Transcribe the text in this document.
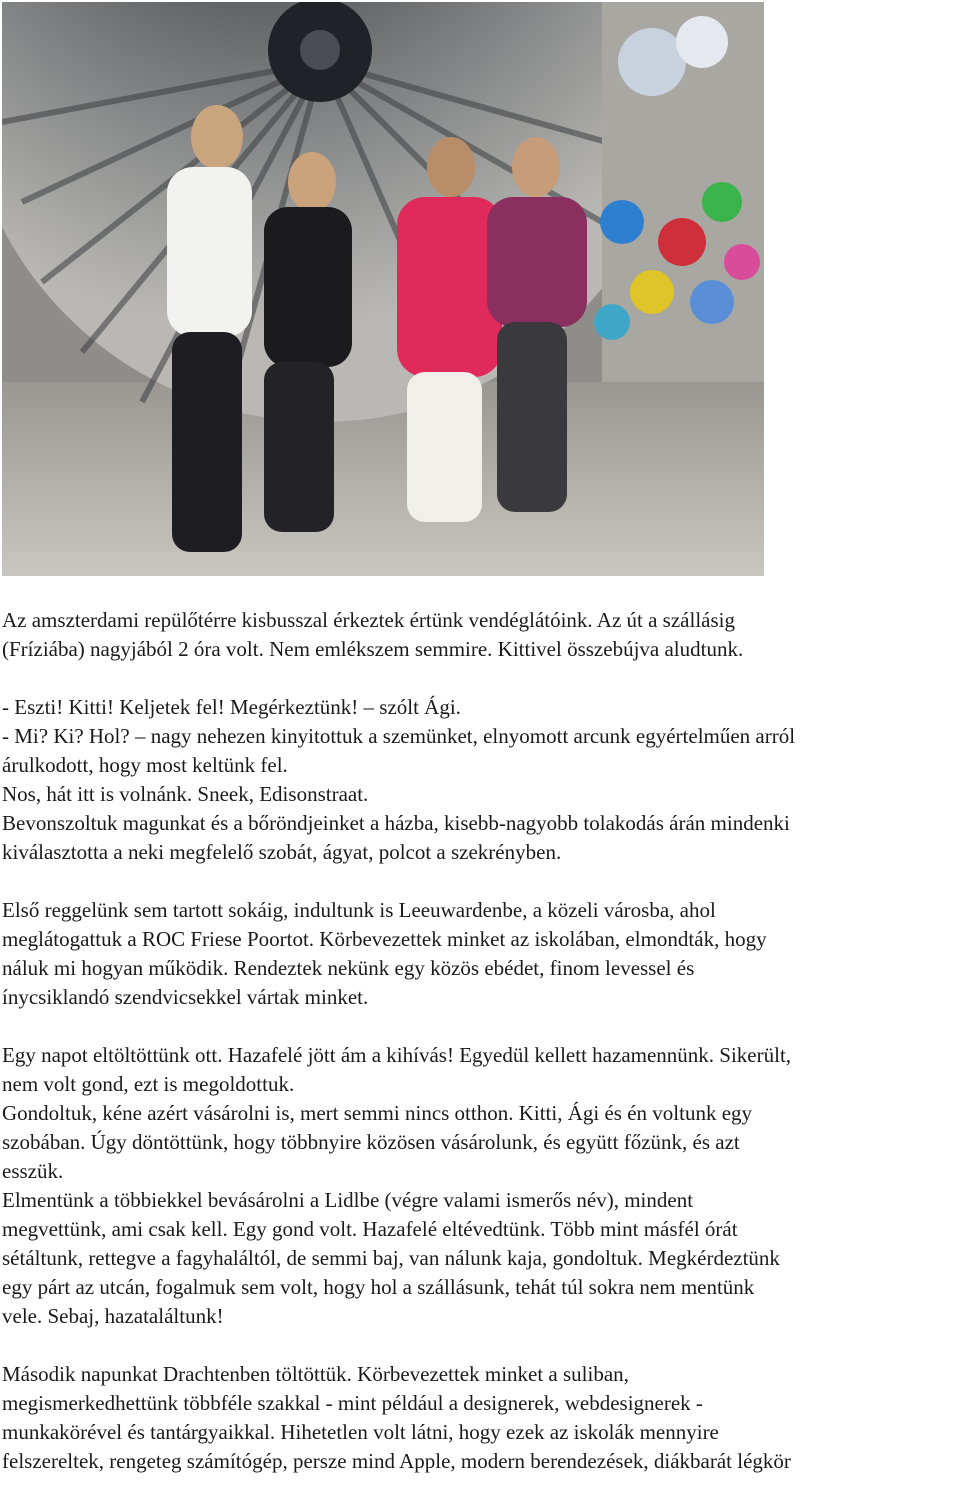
Az amszterdami repülőtérre kisbusszal érkeztek értünk vendéglátóink. Az út a szállásig

(Fríziába) nagyjából 2 óra volt. Nem emlékszem semmire. Kittivel összebújva aludtunk.

- Eszti! Kitti! Keljetek fel! Megérkeztünk! – szólt Ági.

- Mi? Ki? Hol? – nagy nehezen kinyitottuk a szemünket, elnyomott arcunk egyértelműen arról

árulkodott, hogy most keltünk fel.

Nos, hát itt is volnánk. Sneek, Edisonstraat.

Bevonszoltuk magunkat és a bőröndjeinket a házba, kisebb-nagyobb tolakodás árán mindenki

kiválasztotta a neki megfelelő szobát, ágyat, polcot a szekrényben.

Első reggelünk sem tartott sokáig, indultunk is Leeuwardenbe, a közeli városba, ahol

meglátogattuk a ROC Friese Poortot. Körbevezettek minket az iskolában, elmondták, hogy

náluk mi hogyan működik. Rendeztek nekünk egy közös ebédet, finom levessel és

ínycsiklandó szendvicsekkel vártak minket.

Egy napot eltöltöttünk ott. Hazafelé jött ám a kihívás! Egyedül kellett hazamennünk. Sikerült,

nem volt gond, ezt is megoldottuk.

Gondoltuk, kéne azért vásárolni is, mert semmi nincs otthon. Kitti, Ági és én voltunk egy

szobában. Úgy döntöttünk, hogy többnyire közösen vásárolunk, és együtt főzünk, és azt

esszük.

Elmentünk a többiekkel bevásárolni a Lidlbe (végre valami ismerős név), mindent

megvettünk, ami csak kell. Egy gond volt. Hazafelé eltévedtünk. Több mint másfél órát

sétáltunk, rettegve a fagyhaláltól, de semmi baj, van nálunk kaja, gondoltuk. Megkérdeztünk

egy párt az utcán, fogalmuk sem volt, hogy hol a szállásunk, tehát túl sokra nem mentünk

vele. Sebaj, hazataláltunk!

Második napunkat Drachtenben töltöttük. Körbevezettek minket a suliban,

megismerkedhettünk többféle szakkal - mint például a designerek, webdesignerek -

munkakörével és tantárgyaikkal. Hihetetlen volt látni, hogy ezek az iskolák mennyire

felszereltek, rengeteg számítógép, persze mind Apple, modern berendezések, diákbarát légkör
